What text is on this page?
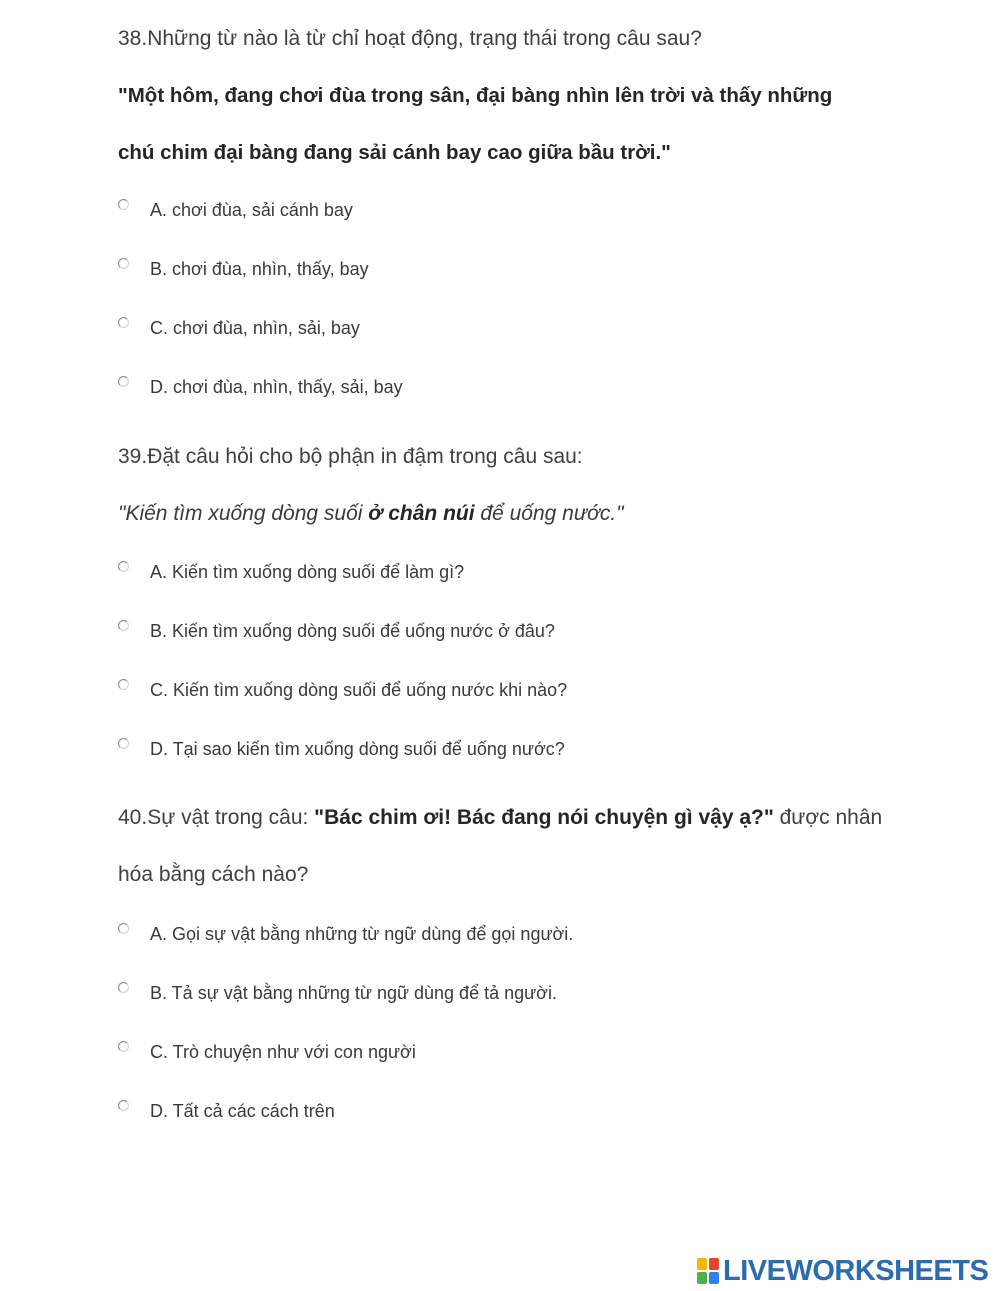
38.Những từ nào là từ chỉ hoạt động, trạng thái trong câu sau?

"Một hôm, đang chơi đùa trong sân, đại bàng nhìn lên trời và thấy những

chú chim đại bàng đang sải cánh bay cao giữa bầu trời."

A. chơi đùa, sải cánh bay
B. chơi đùa, nhìn, thấy, bay
C. chơi đùa, nhìn, sải, bay
D. chơi đùa, nhìn, thấy, sải, bay

39.Đặt câu hỏi cho bộ phận in đậm trong câu sau:

"Kiến tìm xuống dòng suối ở chân núi để uống nước."

A. Kiến tìm xuống dòng suối để làm gì?
B. Kiến tìm xuống dòng suối để uống nước ở đâu?
C. Kiến tìm xuống dòng suối để uống nước khi nào?
D. Tại sao kiến tìm xuống dòng suối để uống nước?

40.Sự vật trong câu: "Bác chim ơi! Bác đang nói chuyện gì vậy ạ?" được nhân

hóa bằng cách nào?

A. Gọi sự vật bằng những từ ngữ dùng để gọi người.
B. Tả sự vật bằng những từ ngữ dùng để tả người.
C. Trò chuyện như với con người
D. Tất cả các cách trên
LIVEWORKSHEETS
